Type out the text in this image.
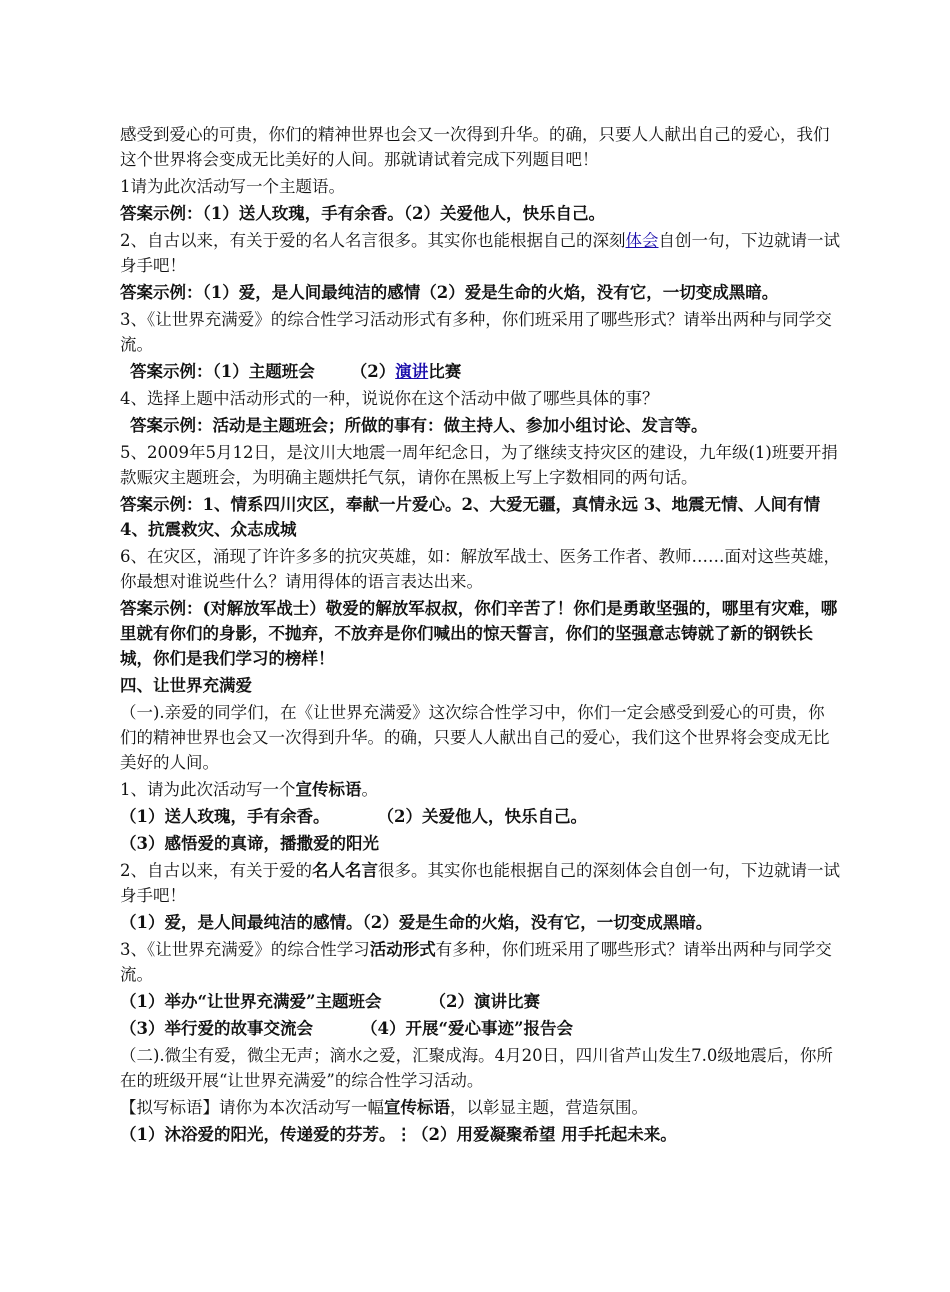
感受到爱心的可贵，你们的精神世界也会又一次得到升华。的确，只要人人献出自己的爱心，我们这个世界将会变成无比美好的人间。那就请试着完成下列题目吧！

1请为此次活动写一个主题语。

答案示例：（1）送人玫瑰，手有余香。（2）关爱他人，快乐自己。

2、自古以来，有关于爱的名人名言很多。其实你也能根据自己的深刻体会自创一句，下边就请一试身手吧！

答案示例：（1）爱，是人间最纯洁的感情（2）爱是生命的火焰，没有它，一切变成黑暗。

3、《让世界充满爱》的综合性学习活动形式有多种，你们班采用了哪些形式？请举出两种与同学交流。

答案示例：（1）主题班会 （2）演讲比赛

4、选择上题中活动形式的一种，说说你在这个活动中做了哪些具体的事？

答案示例：活动是主题班会；所做的事有：做主持人、参加小组讨论、发言等。

5、2009年5月12日，是汶川大地震一周年纪念日，为了继续支持灾区的建设，九年级(1)班要开捐款赈灾主题班会，为明确主题烘托气氛，请你在黑板上写上字数相同的两句话。

答案示例：1、情系四川灾区，奉献一片爱心。2、大爱无疆，真情永远 3、地震无情、人间有情 4、抗震救灾、众志成城

6、在灾区，涌现了许许多多的抗灾英雄，如：解放军战士、医务工作者、教师……面对这些英雄，你最想对谁说些什么？请用得体的语言表达出来。

答案示例：(对解放军战士）敬爱的解放军叔叔，你们辛苦了！你们是勇敢坚强的，哪里有灾难，哪里就有你们的身影，不抛弃，不放弃是你们喊出的惊天誓言，你们的坚强意志铸就了新的钢铁长城，你们是我们学习的榜样！

四、让世界充满爱

（一).亲爱的同学们，在《让世界充满爱》这次综合性学习中，你们一定会感受到爱心的可贵，你们的精神世界也会又一次得到升华。的确，只要人人献出自己的爱心，我们这个世界将会变成无比美好的人间。

1、请为此次活动写一个宣传标语。

（1）送人玫瑰，手有余香。	（2）关爱他人，快乐自己。

（3）感悟爱的真谛，播撒爱的阳光

2、自古以来，有关于爱的名人名言很多。其实你也能根据自己的深刻体会自创一句，下边就请一试身手吧！

（1）爱，是人间最纯洁的感情。（2）爱是生命的火焰，没有它，一切变成黑暗。

3、《让世界充满爱》的综合性学习活动形式有多种，你们班采用了哪些形式？请举出两种与同学交流。

（1）举办“让世界充满爱”主题班会	（2）演讲比赛

（3）举行爱的故事交流会	（4）开展“爱心事迹”报告会

（二).微尘有爱，微尘无声；滴水之爱，汇聚成海。4月20日，四川省芦山发生7.0级地震后，你所在的班级开展“让世界充满爱”的综合性学习活动。

【拟写标语】请你为本次活动写一幅宣传标语，以彰显主题，营造氛围。

（1）沐浴爱的阳光，传递爱的芬芳。⋮（2）用爱凝聚希望 用手托起未来。
